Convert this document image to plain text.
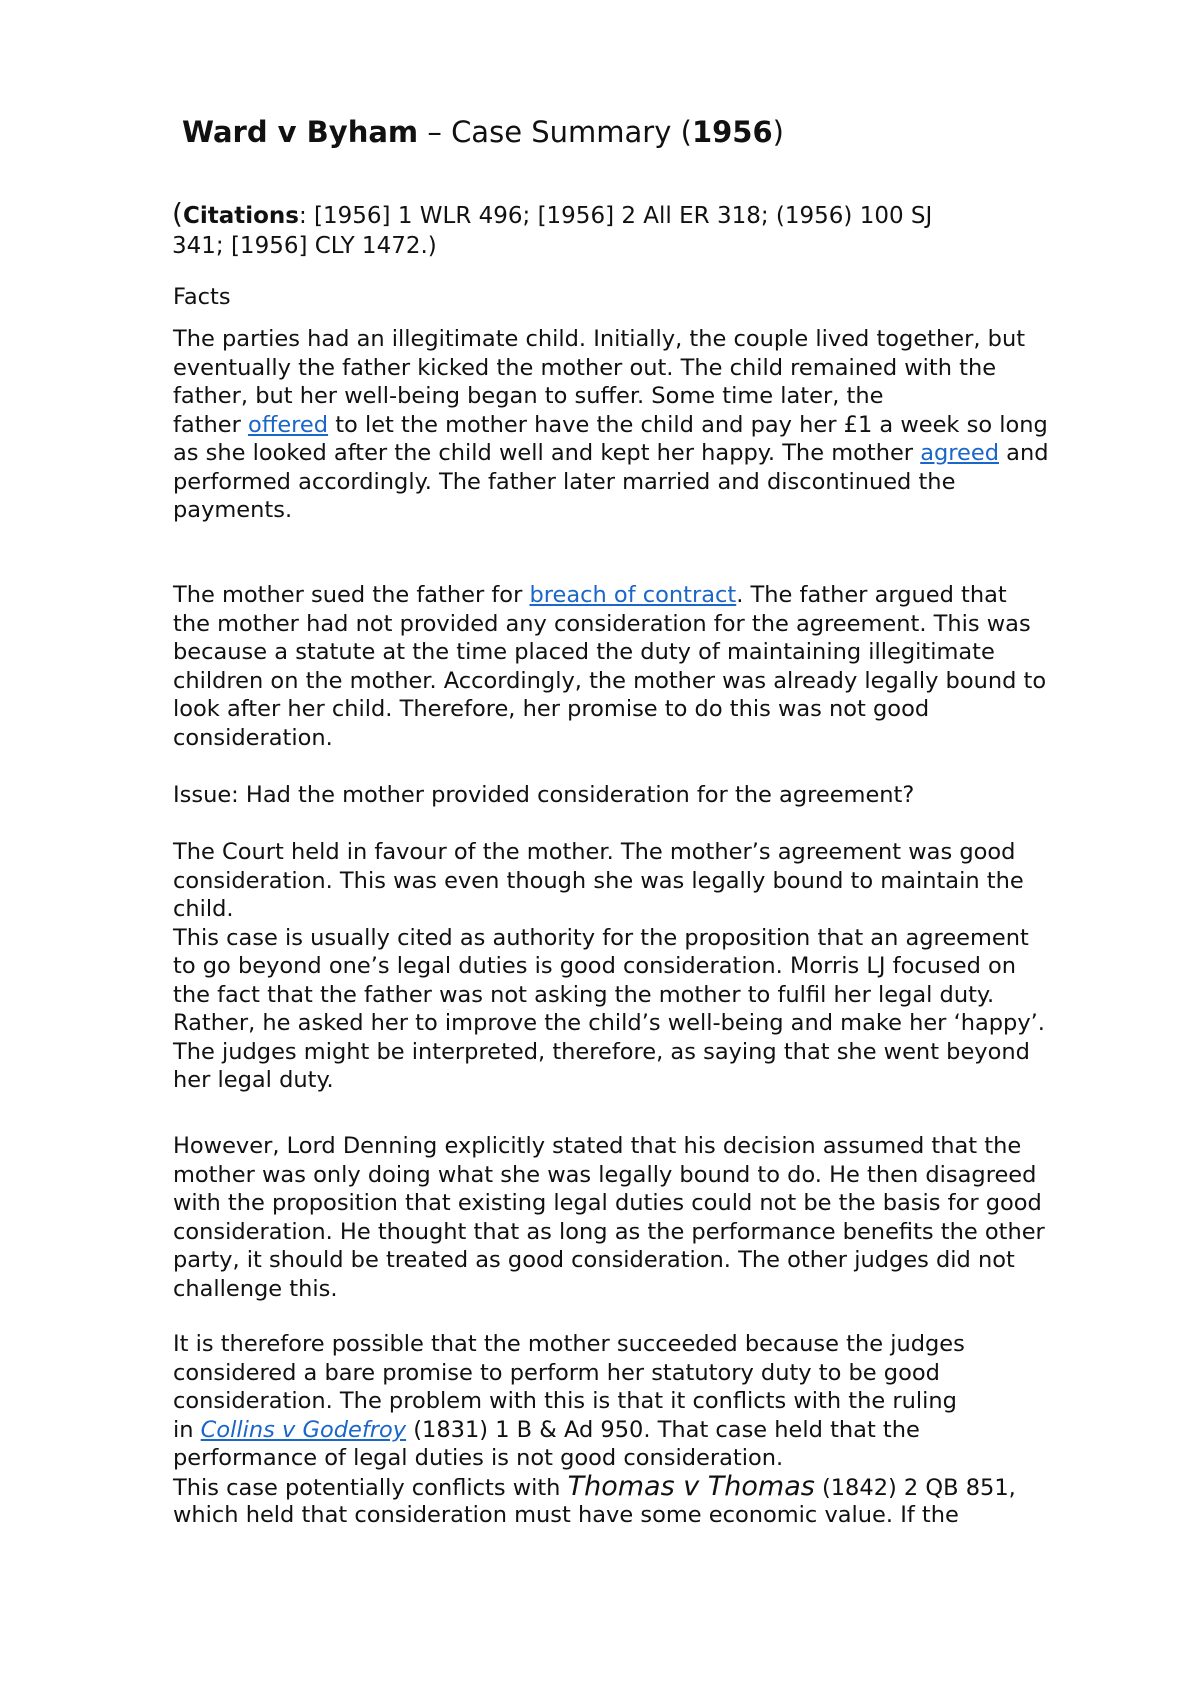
Ward v Byham – Case Summary (1956)
(Citations: [1956] 1 WLR 496; [1956] 2 All ER 318; (1956) 100 SJ
341; [1956] CLY 1472.)
Facts
The parties had an illegitimate child. Initially, the couple lived together, but
eventually the father kicked the mother out. The child remained with the
father, but her well-being began to suffer. Some time later, the
father offered to let the mother have the child and pay her £1 a week so long
as she looked after the child well and kept her happy. The mother agreed and
performed accordingly. The father later married and discontinued the
payments.
The mother sued the father for breach of contract. The father argued that
the mother had not provided any consideration for the agreement. This was
because a statute at the time placed the duty of maintaining illegitimate
children on the mother. Accordingly, the mother was already legally bound to
look after her child. Therefore, her promise to do this was not good
consideration.
Issue: Had the mother provided consideration for the agreement?
The Court held in favour of the mother. The mother’s agreement was good
consideration. This was even though she was legally bound to maintain the
child.
This case is usually cited as authority for the proposition that an agreement
to go beyond one’s legal duties is good consideration. Morris LJ focused on
the fact that the father was not asking the mother to fulfil her legal duty.
Rather, he asked her to improve the child’s well-being and make her ‘happy’.
The judges might be interpreted, therefore, as saying that she went beyond
her legal duty.
However, Lord Denning explicitly stated that his decision assumed that the
mother was only doing what she was legally bound to do. He then disagreed
with the proposition that existing legal duties could not be the basis for good
consideration. He thought that as long as the performance benefits the other
party, it should be treated as good consideration. The other judges did not
challenge this.
It is therefore possible that the mother succeeded because the judges
considered a bare promise to perform her statutory duty to be good
consideration. The problem with this is that it conflicts with the ruling
in Collins v Godefroy (1831) 1 B & Ad 950. That case held that the
performance of legal duties is not good consideration.
This case potentially conflicts with Thomas v Thomas (1842) 2 QB 851,
which held that consideration must have some economic value. If the
